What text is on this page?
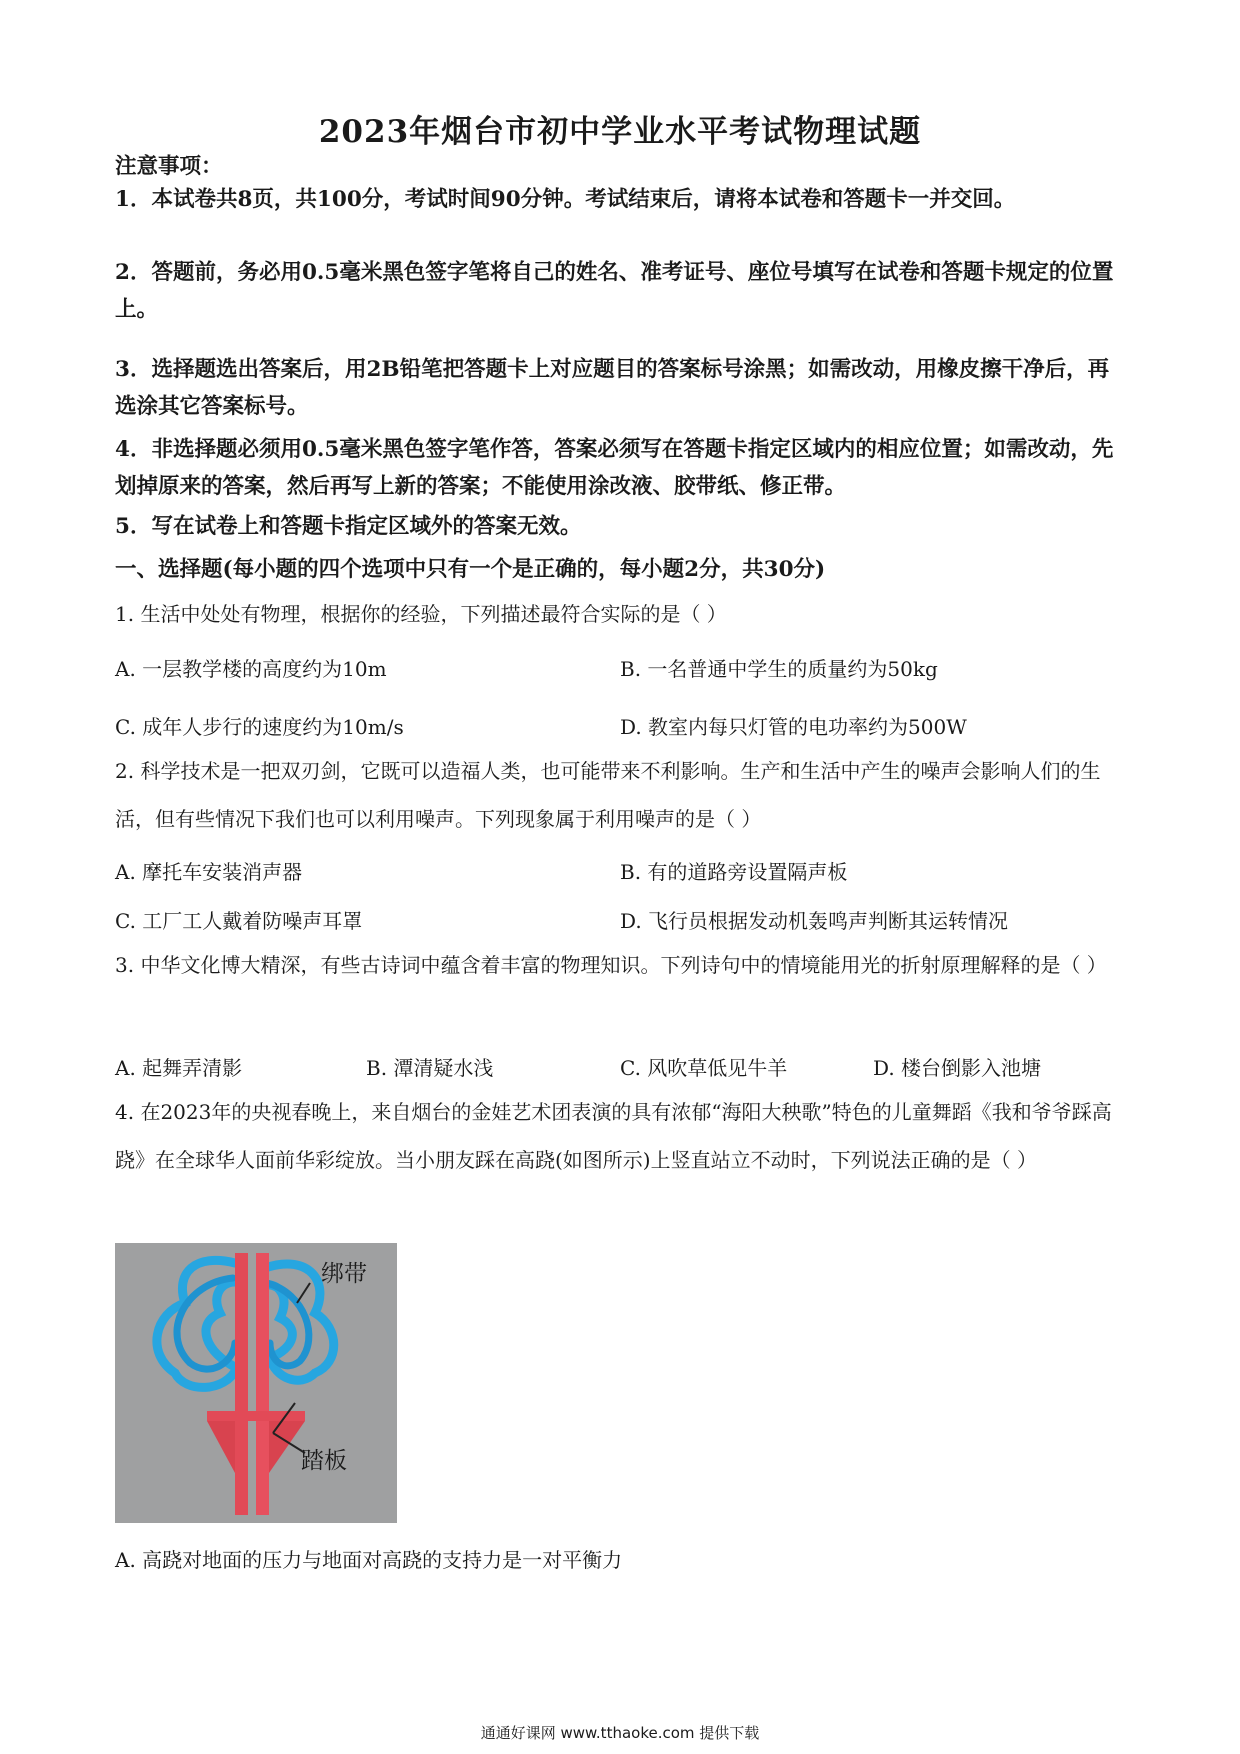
2023年烟台市初中学业水平考试物理试题
注意事项：
1．本试卷共8页，共100分，考试时间90分钟。考试结束后，请将本试卷和答题卡一并交回。
2．答题前，务必用0.5毫米黑色签字笔将自己的姓名、准考证号、座位号填写在试卷和答题卡规定的位置上。
3．选择题选出答案后，用2B铅笔把答题卡上对应题目的答案标号涂黑；如需改动，用橡皮擦干净后，再选涂其它答案标号。
4．非选择题必须用0.5毫米黑色签字笔作答，答案必须写在答题卡指定区域内的相应位置；如需改动，先划掉原来的答案，然后再写上新的答案；不能使用涂改液、胶带纸、修正带。
5．写在试卷上和答题卡指定区域外的答案无效。
一、选择题(每小题的四个选项中只有一个是正确的，每小题2分，共30分)
1. 生活中处处有物理，根据你的经验，下列描述最符合实际的是（ ）
A. 一层教学楼的高度约为10m	B. 一名普通中学生的质量约为50kg
C. 成年人步行的速度约为10m/s	D. 教室内每只灯管的电功率约为500W
2. 科学技术是一把双刃剑，它既可以造福人类，也可能带来不利影响。生产和生活中产生的噪声会影响人们的生活，但有些情况下我们也可以利用噪声。下列现象属于利用噪声的是（ ）
A. 摩托车安装消声器	B. 有的道路旁设置隔声板
C. 工厂工人戴着防噪声耳罩	D. 飞行员根据发动机轰鸣声判断其运转情况
3. 中华文化博大精深，有些古诗词中蕴含着丰富的物理知识。下列诗句中的情境能用光的折射原理解释的是（ ）
A. 起舞弄清影	B. 潭清疑水浅	C. 风吹草低见牛羊	D. 楼台倒影入池塘
4. 在2023年的央视春晚上，来自烟台的金娃艺术团表演的具有浓郁“海阳大秧歌”特色的儿童舞蹈《我和爷爷踩高跷》在全球华人面前华彩绽放。当小朋友踩在高跷(如图所示)上竖直站立不动时，下列说法正确的是（ ）
绑带
踏板
A. 高跷对地面的压力与地面对高跷的支持力是一对平衡力
通通好课网 www.tthaoke.com 提供下载
